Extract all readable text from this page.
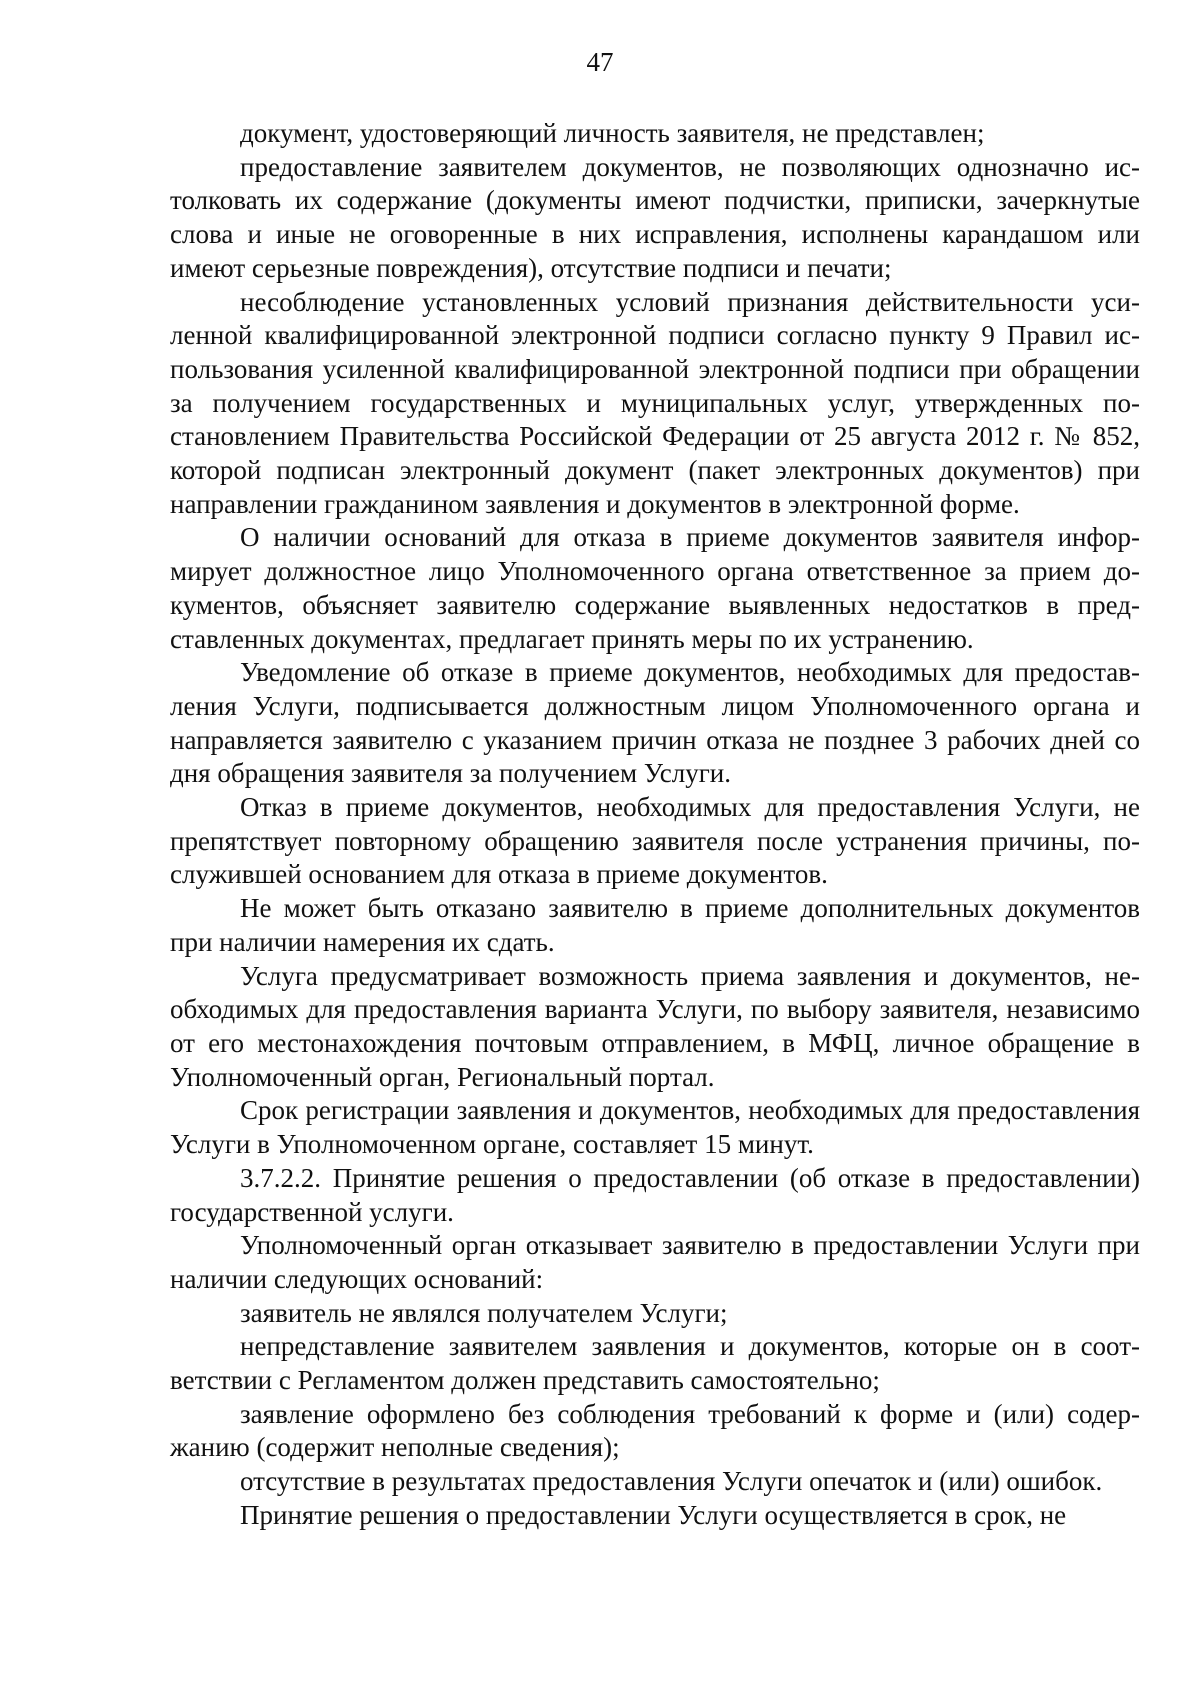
47

документ, удостоверяющий личность заявителя, не представлен;

предоставление заявителем документов, не позволяющих однозначно истолковать их содержание (документы имеют подчистки, приписки, зачеркнутые слова и иные не оговоренные в них исправления, исполнены карандашом или имеют серьезные повреждения), отсутствие подписи и печати;

несоблюдение установленных условий признания действительности усиленной квалифицированной электронной подписи согласно пункту 9 Правил использования усиленной квалифицированной электронной подписи при обращении за получением государственных и муниципальных услуг, утвержденных постановлением Правительства Российской Федерации от 25 августа 2012 г. № 852, которой подписан электронный документ (пакет электронных документов) при направлении гражданином заявления и документов в электронной форме.

О наличии оснований для отказа в приеме документов заявителя информирует должностное лицо Уполномоченного органа ответственное за прием документов, объясняет заявителю содержание выявленных недостатков в представленных документах, предлагает принять меры по их устранению.

Уведомление об отказе в приеме документов, необходимых для предоставления Услуги, подписывается должностным лицом Уполномоченного органа и направляется заявителю с указанием причин отказа не позднее 3 рабочих дней со дня обращения заявителя за получением Услуги.

Отказ в приеме документов, необходимых для предоставления Услуги, не препятствует повторному обращению заявителя после устранения причины, послужившей основанием для отказа в приеме документов.

Не может быть отказано заявителю в приеме дополнительных документов при наличии намерения их сдать.

Услуга предусматривает возможность приема заявления и документов, необходимых для предоставления варианта Услуги, по выбору заявителя, независимо от его местонахождения почтовым отправлением, в МФЦ, личное обращение в Уполномоченный орган, Региональный портал.

Срок регистрации заявления и документов, необходимых для предоставления Услуги в Уполномоченном органе, составляет 15 минут.

3.7.2.2. Принятие решения о предоставлении (об отказе в предоставлении) государственной услуги.

Уполномоченный орган отказывает заявителю в предоставлении Услуги при наличии следующих оснований:

заявитель не являлся получателем Услуги;

непредставление заявителем заявления и документов, которые он в соответствии с Регламентом должен представить самостоятельно;

заявление оформлено без соблюдения требований к форме и (или) содержанию (содержит неполные сведения);

отсутствие в результатах предоставления Услуги опечаток и (или) ошибок.

Принятие решения о предоставлении Услуги осуществляется в срок, не
